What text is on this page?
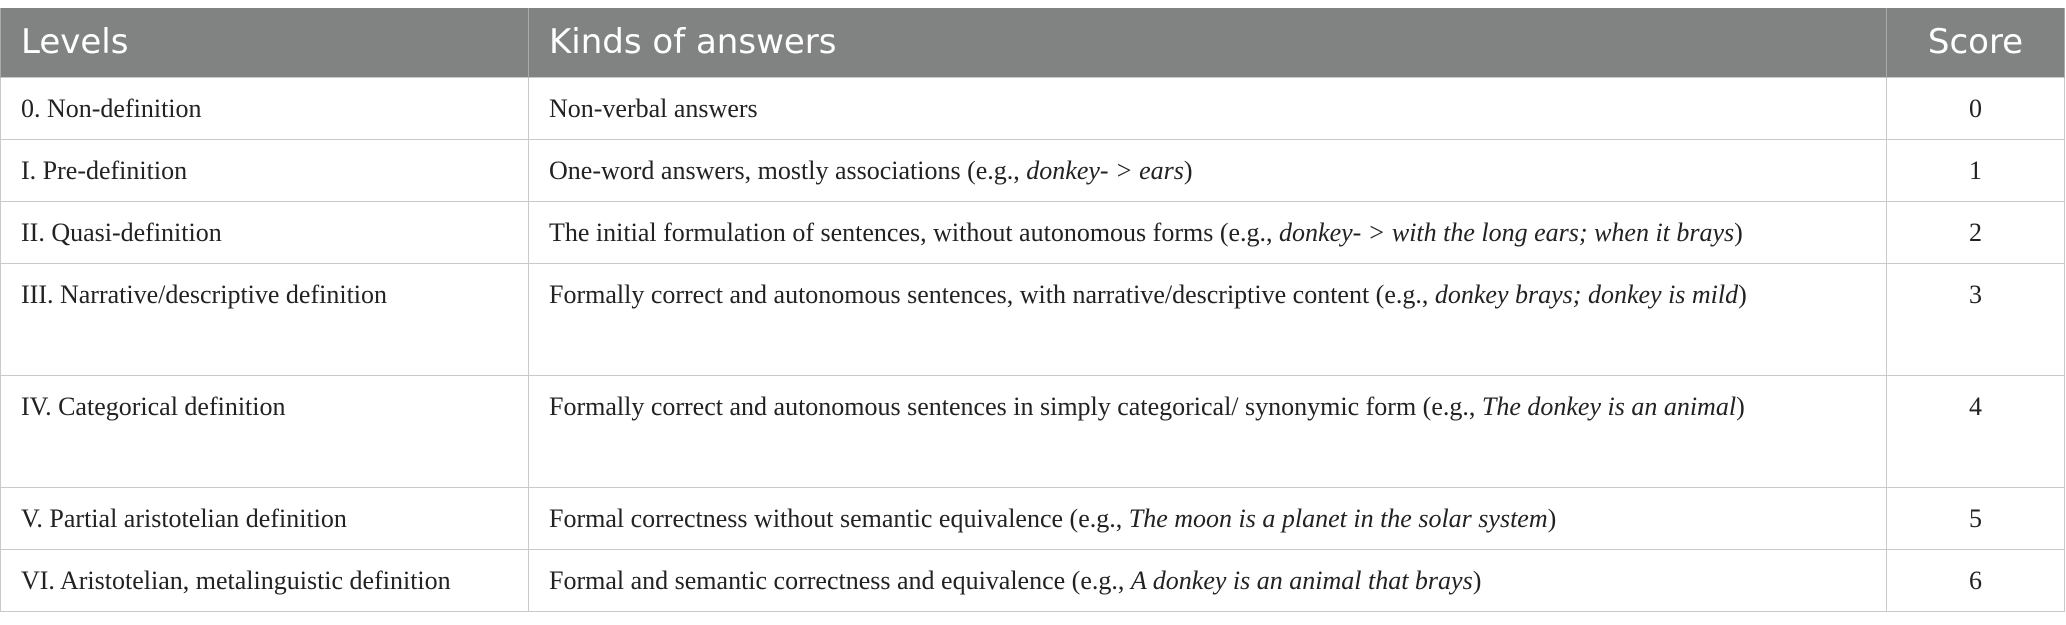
Levels	Kinds of answers	Score
0. Non-definition	Non-verbal answers	0
I. Pre-definition	One-word answers, mostly associations (e.g., donkey- > ears)	1
II. Quasi-definition	The initial formulation of sentences, without autonomous forms (e.g., donkey- > with the long ears; when it brays)	2
III. Narrative/descriptive definition	Formally correct and autonomous sentences, with narrative/descriptive content (e.g., donkey brays; donkey is mild)	3
IV. Categorical definition	Formally correct and autonomous sentences in simply categorical/ synonymic form (e.g., The donkey is an animal)	4
V. Partial aristotelian definition	Formal correctness without semantic equivalence (e.g., The moon is a planet in the solar system)	5
VI. Aristotelian, metalinguistic definition	Formal and semantic correctness and equivalence (e.g., A donkey is an animal that brays)	6
